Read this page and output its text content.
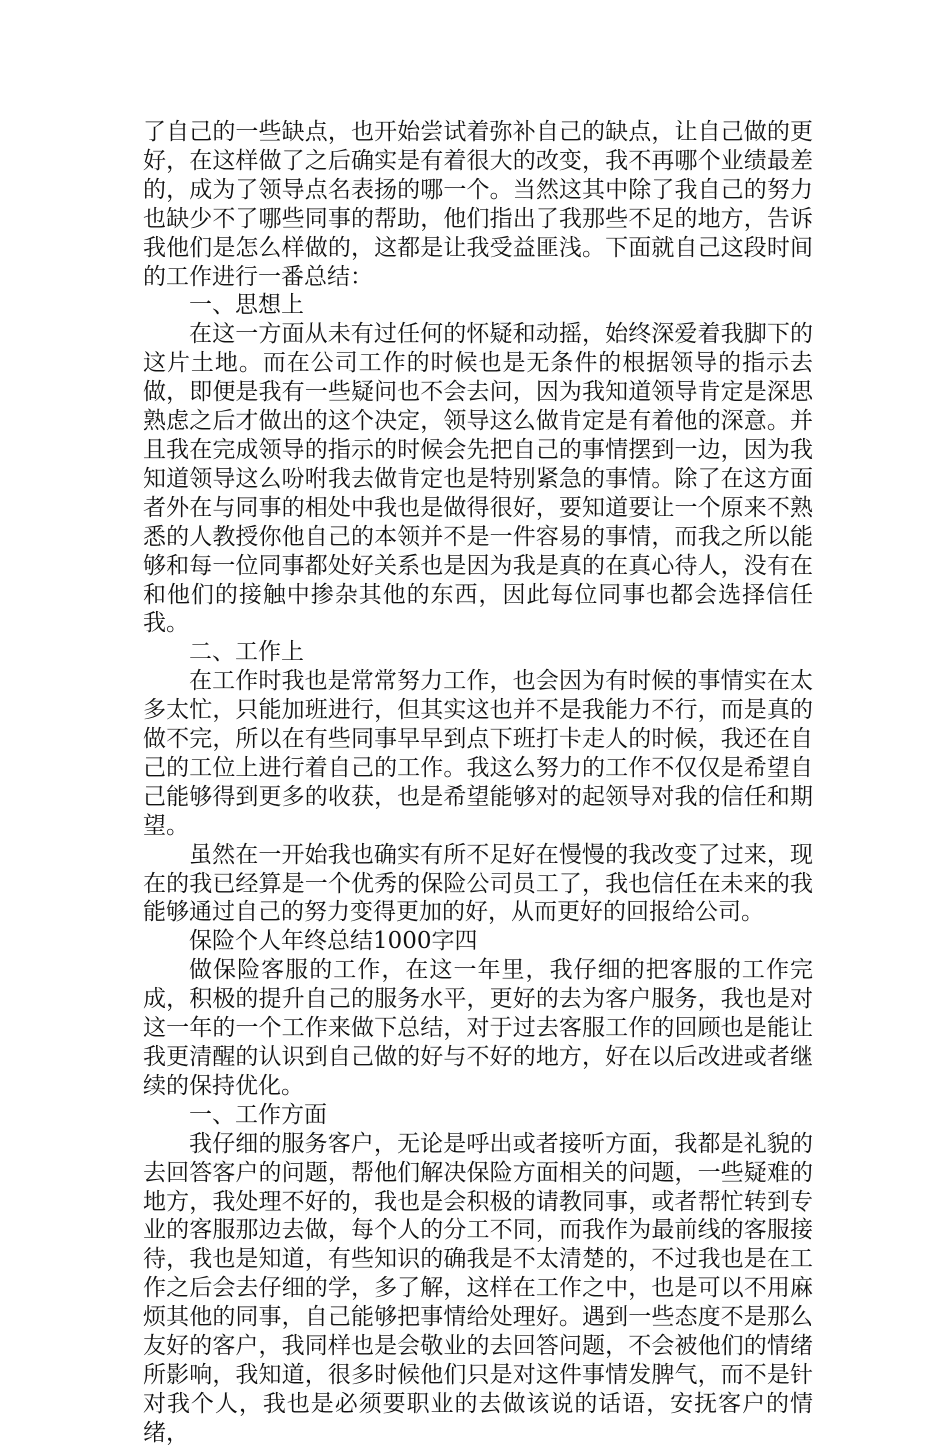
了自己的一些缺点，也开始尝试着弥补自己的缺点，让自己做的更好，在这样做了之后确实是有着很大的改变，我不再哪个业绩最差的，成为了领导点名表扬的哪一个。当然这其中除了我自己的努力也缺少不了哪些同事的帮助，他们指出了我那些不足的地方，告诉我他们是怎么样做的，这都是让我受益匪浅。下面就自己这段时间的工作进行一番总结：

一、思想上

在这一方面从未有过任何的怀疑和动摇，始终深爱着我脚下的这片土地。而在公司工作的时候也是无条件的根据领导的指示去做，即便是我有一些疑问也不会去问，因为我知道领导肯定是深思熟虑之后才做出的这个决定，领导这么做肯定是有着他的深意。并且我在完成领导的指示的时候会先把自己的事情摆到一边，因为我知道领导这么吩咐我去做肯定也是特别紧急的事情。除了在这方面者外在与同事的相处中我也是做得很好，要知道要让一个原来不熟悉的人教授你他自己的本领并不是一件容易的事情，而我之所以能够和每一位同事都处好关系也是因为我是真的在真心待人，没有在和他们的接触中掺杂其他的东西，因此每位同事也都会选择信任我。

二、工作上

在工作时我也是常常努力工作，也会因为有时候的事情实在太多太忙，只能加班进行，但其实这也并不是我能力不行，而是真的做不完，所以在有些同事早早到点下班打卡走人的时候，我还在自己的工位上进行着自己的工作。我这么努力的工作不仅仅是希望自己能够得到更多的收获，也是希望能够对的起领导对我的信任和期望。

虽然在一开始我也确实有所不足好在慢慢的我改变了过来，现在的我已经算是一个优秀的保险公司员工了，我也信任在未来的我能够通过自己的努力变得更加的好，从而更好的回报给公司。

保险个人年终总结1000字四

做保险客服的工作，在这一年里，我仔细的把客服的工作完成，积极的提升自己的服务水平，更好的去为客户服务，我也是对这一年的一个工作来做下总结，对于过去客服工作的回顾也是能让我更清醒的认识到自己做的好与不好的地方，好在以后改进或者继续的保持优化。

一、工作方面

我仔细的服务客户，无论是呼出或者接听方面，我都是礼貌的去回答客户的问题，帮他们解决保险方面相关的问题，一些疑难的地方，我处理不好的，我也是会积极的请教同事，或者帮忙转到专业的客服那边去做，每个人的分工不同，而我作为最前线的客服接待，我也是知道，有些知识的确我是不太清楚的，不过我也是在工作之后会去仔细的学，多了解，这样在工作之中，也是可以不用麻烦其他的同事，自己能够把事情给处理好。遇到一些态度不是那么友好的客户，我同样也是会敬业的去回答问题，不会被他们的情绪所影响，我知道，很多时候他们只是对这件事情发脾气，而不是针对我个人，我也是必须要职业的去做该说的话语，安抚客户的情绪，
